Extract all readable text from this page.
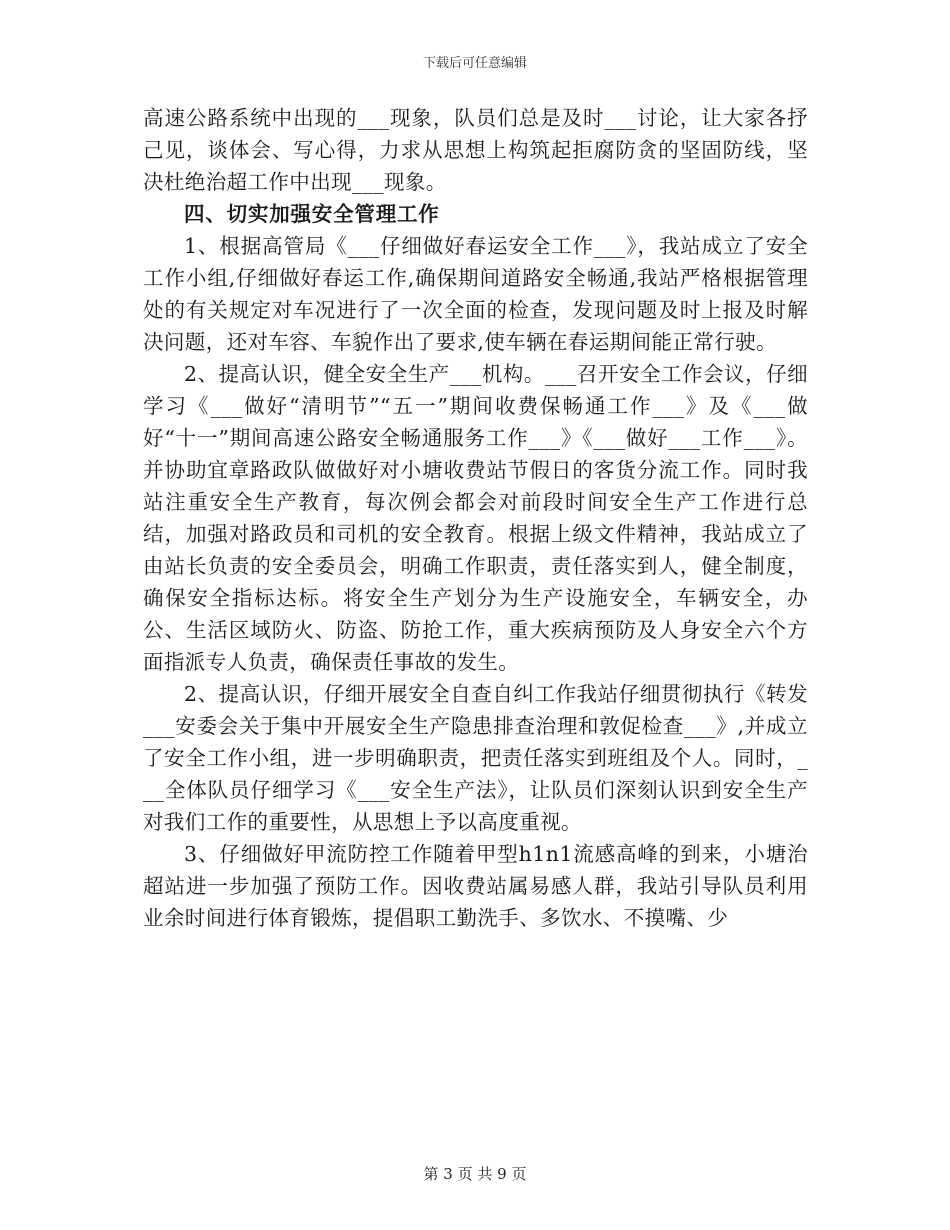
下载后可任意编辑

高速公路系统中出现的___现象，队员们总是及时___讨论，让大家各抒己见，谈体会、写心得，力求从思想上构筑起拒腐防贪的坚固防线，坚决杜绝治超工作中出现___现象。

四、切实加强安全管理工作

1、根据高管局《___仔细做好春运安全工作___》，我站成立了安全工作小组,仔细做好春运工作,确保期间道路安全畅通,我站严格根据管理处的有关规定对车况进行了一次全面的检查，发现问题及时上报及时解决问题，还对车容、车貌作出了要求,使车辆在春运期间能正常行驶。

2、提高认识，健全安全生产___机构。___召开安全工作会议，仔细学习《___做好“清明节”“五一”期间收费保畅通工作___》及《___做好“十一”期间高速公路安全畅通服务工作___》《___做好___工作___》。并协助宜章路政队做做好对小塘收费站节假日的客货分流工作。同时我站注重安全生产教育，每次例会都会对前段时间安全生产工作进行总结，加强对路政员和司机的安全教育。根据上级文件精神，我站成立了由站长负责的安全委员会，明确工作职责，责任落实到人，健全制度，确保安全指标达标。将安全生产划分为生产设施安全，车辆安全，办公、生活区域防火、防盗、防抢工作，重大疾病预防及人身安全六个方面指派专人负责，确保责任事故的发生。

2、提高认识，仔细开展安全自查自纠工作我站仔细贯彻执行《转发___安委会关于集中开展安全生产隐患排查治理和敦促检查___》,并成立了安全工作小组，进一步明确职责，把责任落实到班组及个人。同时，___全体队员仔细学习《___安全生产法》，让队员们深刻认识到安全生产对我们工作的重要性，从思想上予以高度重视。

3、仔细做好甲流防控工作随着甲型h1n1流感高峰的到来，小塘治超站进一步加强了预防工作。因收费站属易感人群，我站引导队员利用业余时间进行体育锻炼，提倡职工勤洗手、多饮水、不摸嘴、少

第 3 页 共 9 页
